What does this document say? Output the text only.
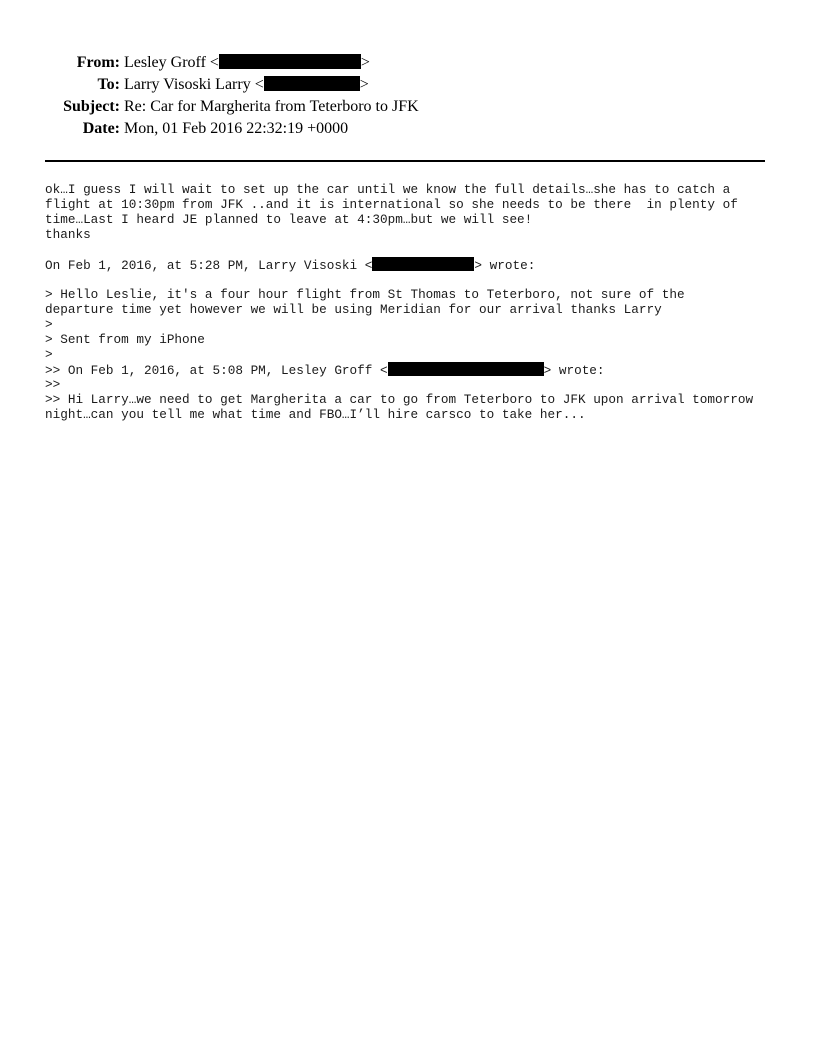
From: Lesley Groff <	>
To: Larry Visoski Larry <	>
Subject: Re: Car for Margherita from Teterboro to JFK
Date: Mon, 01 Feb 2016 22:32:19 +0000
ok…I guess I will wait to set up the car until we know the full details…she has to catch a
flight at 10:30pm from JFK ..and it is international so she needs to be there  in plenty of
time…Last I heard JE planned to leave at 4:30pm…but we will see!
thanks
On Feb 1, 2016, at 5:28 PM, Larry Visoski <	> wrote:
> Hello Leslie, it's a four hour flight from St Thomas to Teterboro, not sure of the
departure time yet however we will be using Meridian for our arrival thanks Larry
>
> Sent from my iPhone
>
>> On Feb 1, 2016, at 5:08 PM, Lesley Groff <	> wrote:
>>
>> Hi Larry…we need to get Margherita a car to go from Teterboro to JFK upon arrival tomorrow
night…can you tell me what time and FBO…I’ll hire carsco to take her...
